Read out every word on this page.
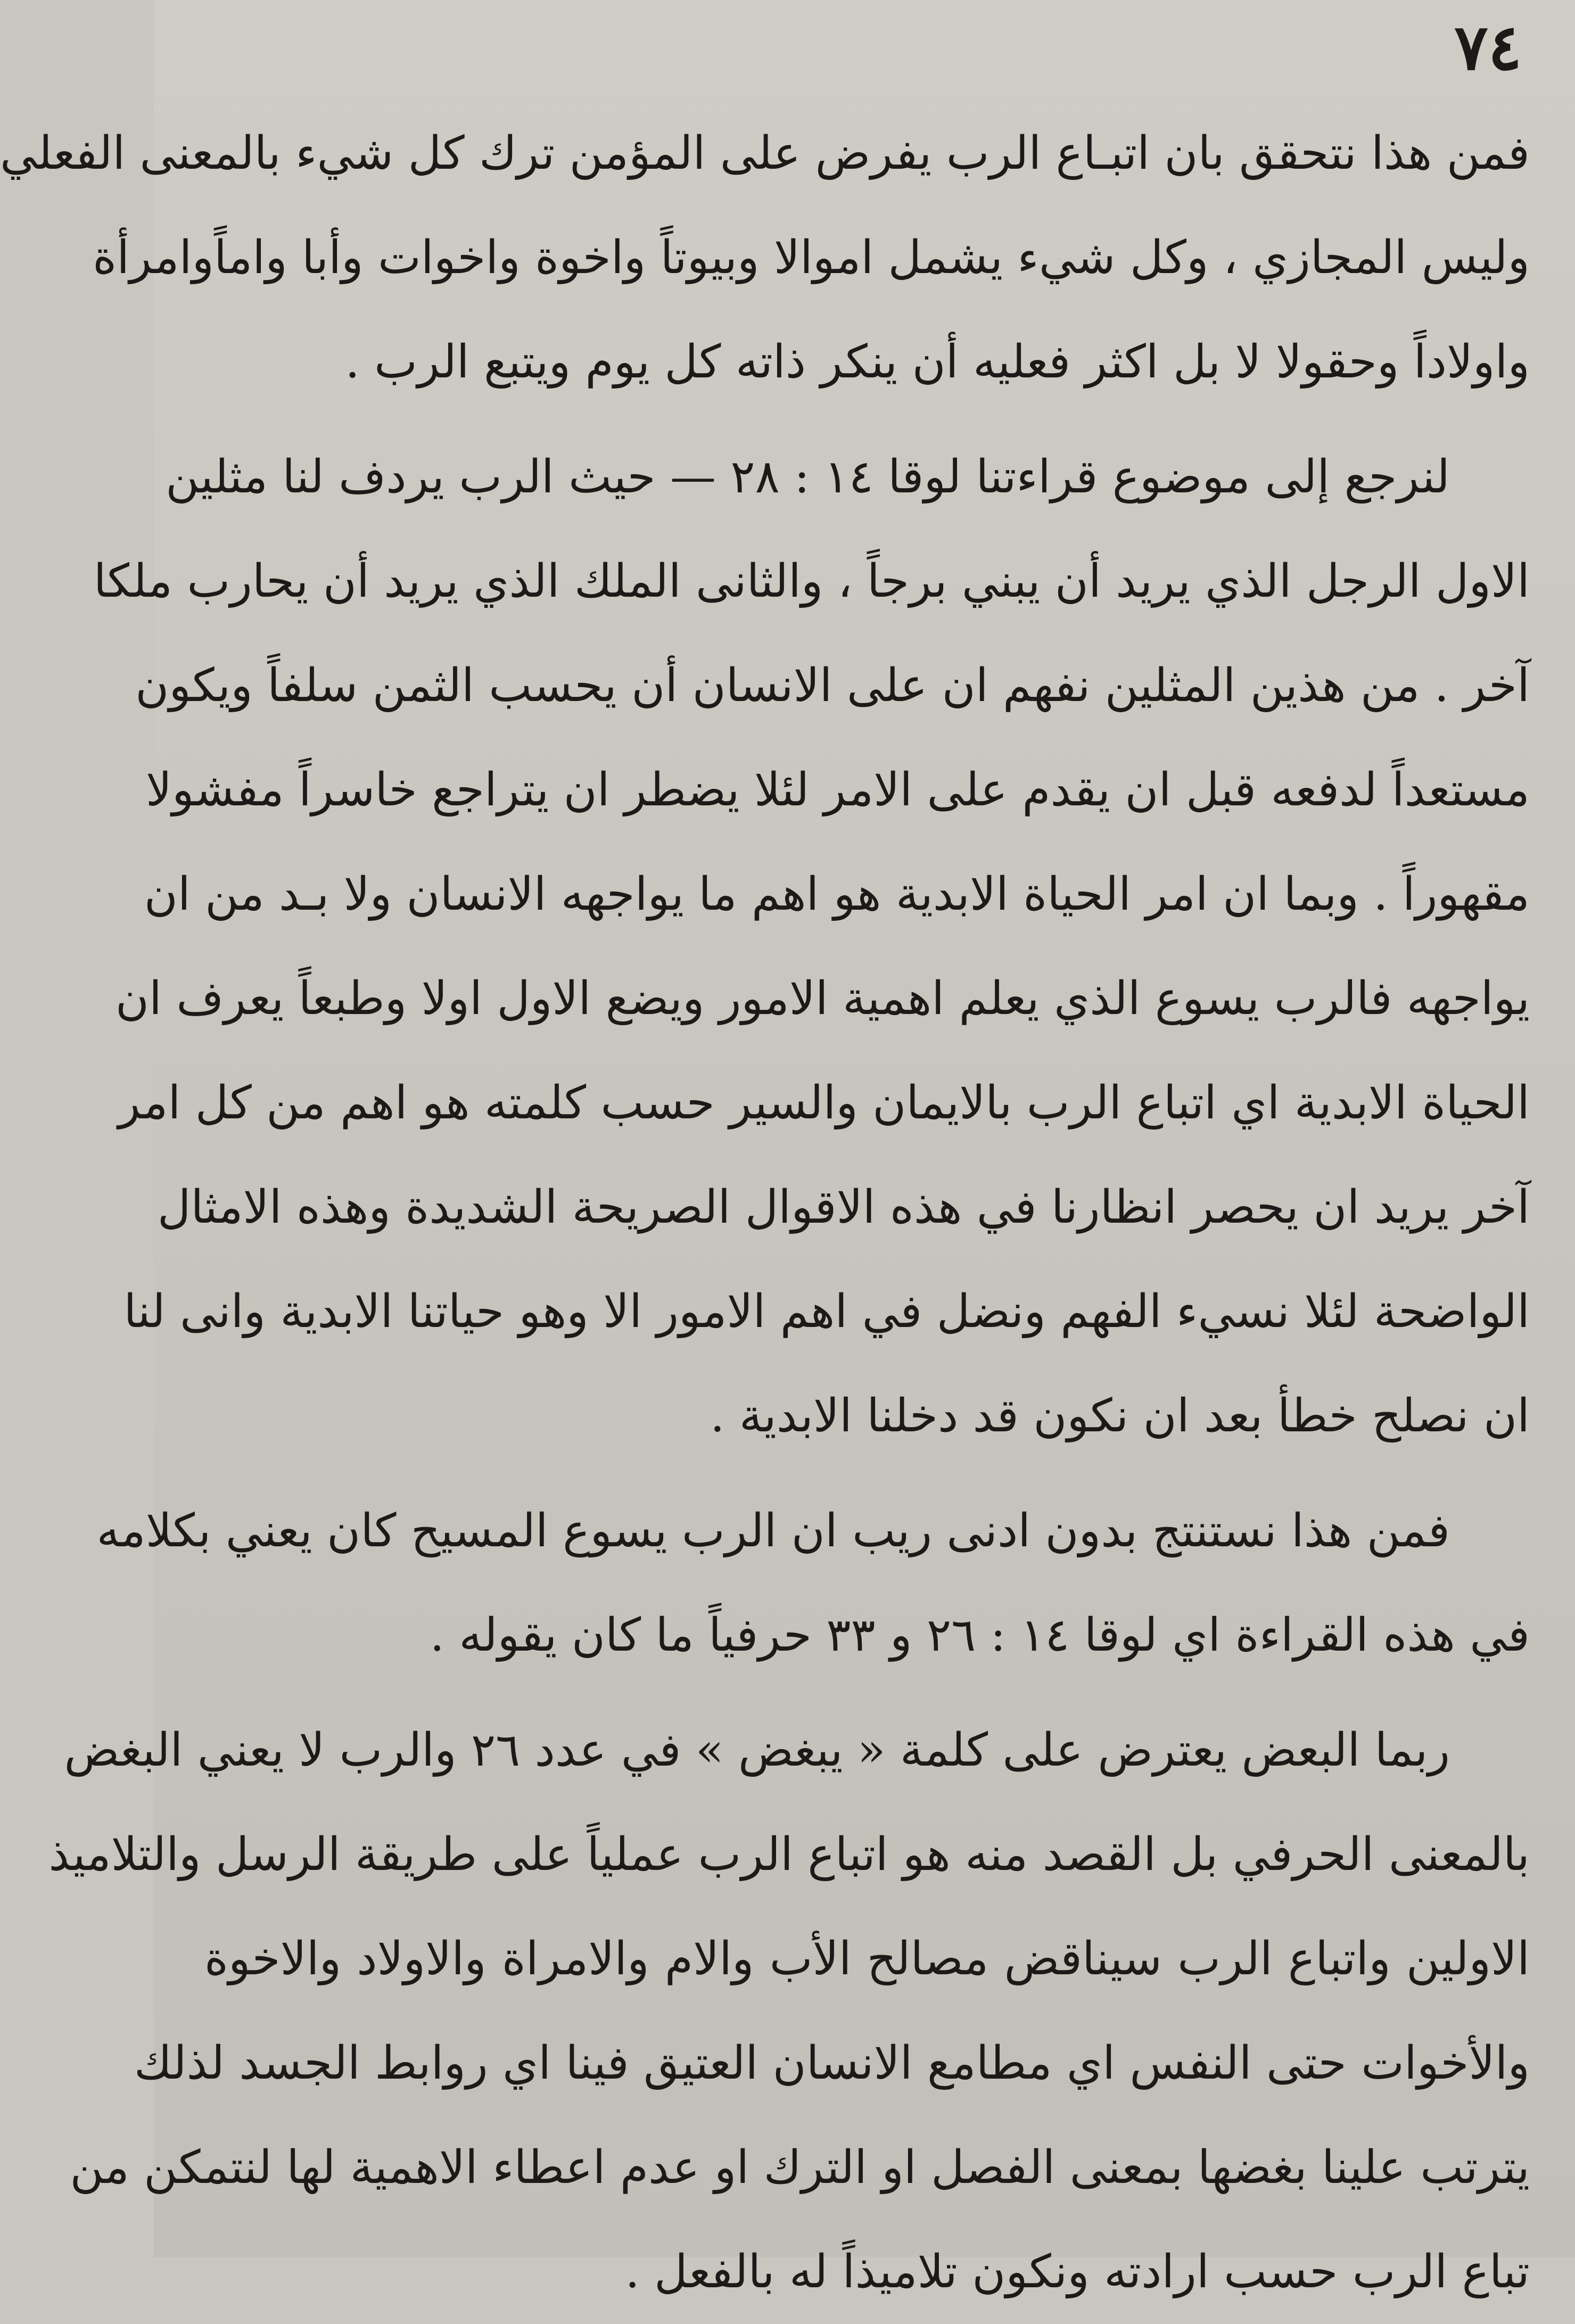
٧٤
فمن هذا نتحقق بان اتبـاع الرب يفرض على المؤمن ترك كل شيء بالمعنى الفعلي
وليس المجازي ، وكل شيء يشمل اموالا وبيوتاً واخوة واخوات وأبا واماًوامرأة
واولاداً وحقولا لا بل اكثر فعليه أن ينكر ذاته كل يوم ويتبع الرب .
لنرجع إلى موضوع قراءتنا لوقا ١٤ : ٢٨ — حيث الرب يردف لنا مثلين
الاول الرجل الذي يريد أن يبني برجاً ، والثانى الملك الذي يريد أن يحارب ملكا
آخر . من هذين المثلين نفهم ان على الانسان أن يحسب الثمن سلفاً ويكون
مستعداً لدفعه قبل ان يقدم على الامر لئلا يضطر ان يتراجع خاسراً مفشولا
مقهوراً . وبما ان امر الحياة الابدية هو اهم ما يواجهه الانسان ولا بـد من ان
يواجهه فالرب يسوع الذي يعلم اهمية الامور ويضع الاول اولا وطبعاً يعرف ان
الحياة الابدية اي اتباع الرب بالايمان والسير حسب كلمته هو اهم من كل امر
آخر يريد ان يحصر انظارنا في هذه الاقوال الصريحة الشديدة وهذه الامثال
الواضحة لئلا نسيء الفهم ونضل في اهم الامور الا وهو حياتنا الابدية وانى لنا
ان نصلح خطأ بعد ان نكون قد دخلنا الابدية .
فمن هذا نستنتج بدون ادنى ريب ان الرب يسوع المسيح كان يعني بكلامه
في هذه القراءة اي لوقا ١٤ : ٢٦ و ٣٣ حرفياً ما كان يقوله .
ربما البعض يعترض على كلمة « يبغض » في عدد ٢٦ والرب لا يعني البغض
بالمعنى الحرفي بل القصد منه هو اتباع الرب عملياً على طريقة الرسل والتلاميذ
الاولين واتباع الرب سيناقض مصالح الأب والام والامراة والاولاد والاخوة
والأخوات حتى النفس اي مطامع الانسان العتيق فينا اي روابط الجسد لذلك
يترتب علينا بغضها بمعنى الفصل او الترك او عدم اعطاء الاهمية لها لنتمكن من
تباع الرب حسب ارادته ونكون تلاميذاً له بالفعل .
